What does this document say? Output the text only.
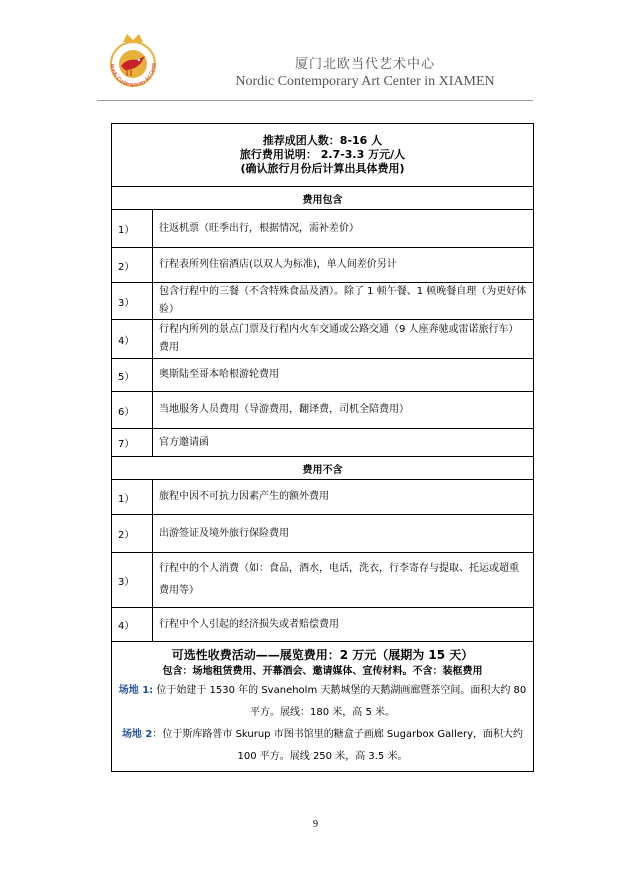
Nordic Contemporary Art Cente	厦门北欧当代艺术中心
Nordic Contemporary Art Center in XIAMEN
推荐成团人数：8-16 人
旅行费用说明： 2.7-3.3 万元/人
(确认旅行月份后计算出具体费用)	

费用包含	
1）	往返机票（旺季出行，根据情况，需补差价）
2）	行程表所列住宿酒店(以双人为标准)，单人间差价另计
3）	包含行程中的三餐（不含特殊食品及酒）。除了 1 顿午餐、1 顿晚餐自理（为更好体验）
4）	行程内所列的景点门票及行程内火车交通或公路交通（9 人座奔驰或雷诺旅行车）费用
5）	奥斯陆至哥本哈根游轮费用
6）	当地服务人员费用（导游费用，翻译费，司机全陪费用）
7）	官方邀请函
费用不含	
1）	旅程中因不可抗力因素产生的额外费用
2）	出游签证及境外旅行保险费用
3）	行程中的个人消费（如：食品，酒水，电话，洗衣，行李寄存与提取、托运或超重费用等）
4）	行程中个人引起的经济损失或者赔偿费用

可选性收费活动——展览费用：2 万元（展期为 15 天）
包含：场地租赁费用、开幕酒会、邀请媒体、宣传材料。不含：装框费用
场地 1: 位于始建于 1530 年的 Svaneholm 天鹅城堡的天鹅湖画廊暨茶空间。面积大约 80 平方。展线：180 米，高 5 米。
场地 2：位于斯库路普市 Skurup 市图书馆里的糖盒子画廊 Sugarbox Gallery，面积大约 100 平方。展线 250 米，高 3.5 米。	
9
